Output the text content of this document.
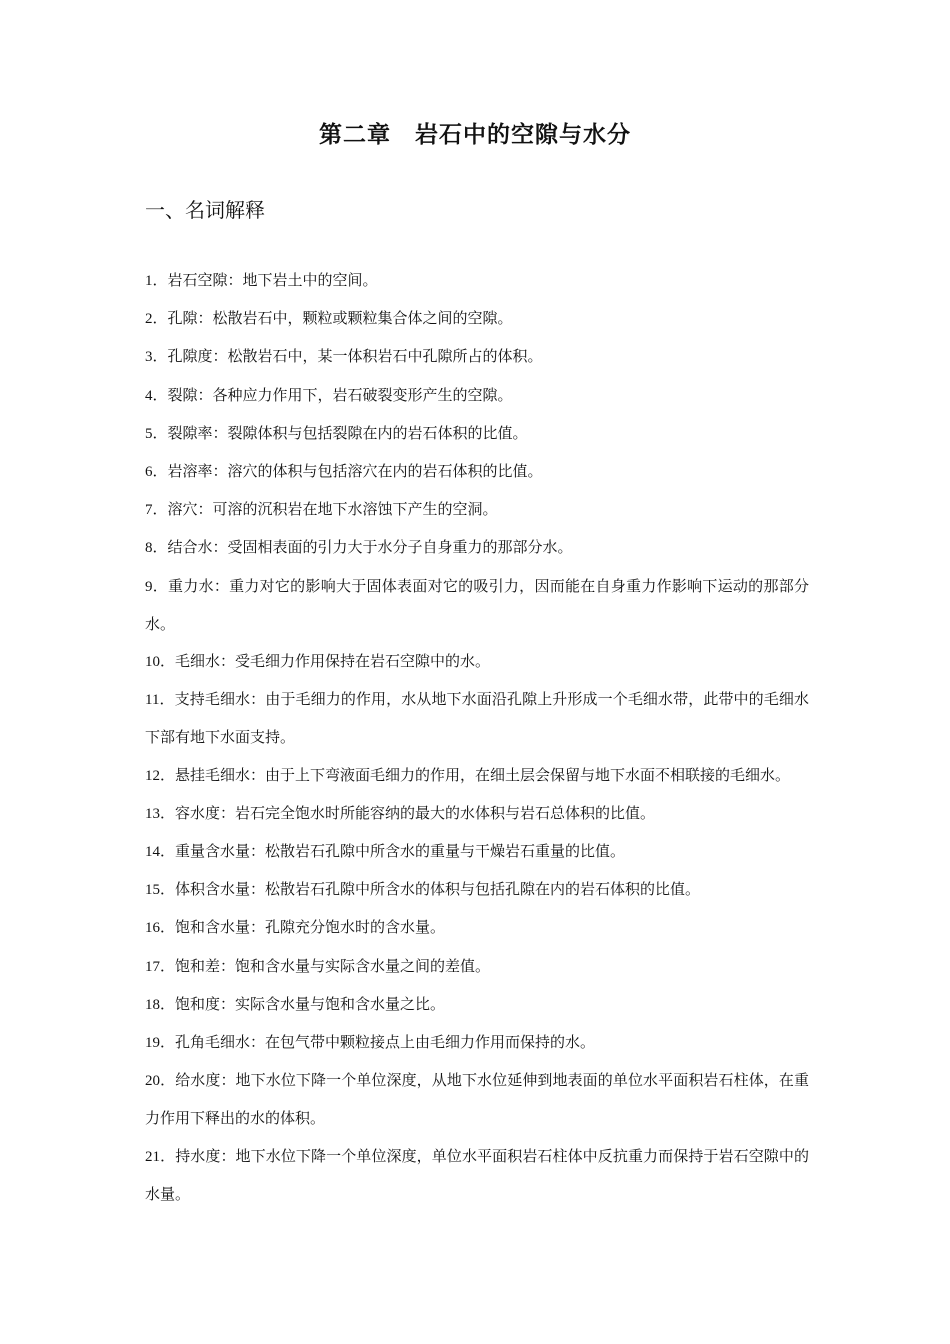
第二章　岩石中的空隙与水分
一、名词解释
1．岩石空隙：地下岩土中的空间。
2．孔隙：松散岩石中，颗粒或颗粒集合体之间的空隙。
3．孔隙度：松散岩石中，某一体积岩石中孔隙所占的体积。
4．裂隙：各种应力作用下，岩石破裂变形产生的空隙。
5．裂隙率：裂隙体积与包括裂隙在内的岩石体积的比值。
6．岩溶率：溶穴的体积与包括溶穴在内的岩石体积的比值。
7．溶穴：可溶的沉积岩在地下水溶蚀下产生的空洞。
8．结合水：受固相表面的引力大于水分子自身重力的那部分水。
9．重力水：重力对它的影响大于固体表面对它的吸引力，因而能在自身重力作影响下运动的那部分水。
10．毛细水：受毛细力作用保持在岩石空隙中的水。
11．支持毛细水：由于毛细力的作用，水从地下水面沿孔隙上升形成一个毛细水带，此带中的毛细水下部有地下水面支持。
12．悬挂毛细水：由于上下弯液面毛细力的作用，在细土层会保留与地下水面不相联接的毛细水。
13．容水度：岩石完全饱水时所能容纳的最大的水体积与岩石总体积的比值。
14．重量含水量：松散岩石孔隙中所含水的重量与干燥岩石重量的比值。
15．体积含水量：松散岩石孔隙中所含水的体积与包括孔隙在内的岩石体积的比值。
16．饱和含水量：孔隙充分饱水时的含水量。
17．饱和差：饱和含水量与实际含水量之间的差值。
18．饱和度：实际含水量与饱和含水量之比。
19．孔角毛细水：在包气带中颗粒接点上由毛细力作用而保持的水。
20．给水度：地下水位下降一个单位深度，从地下水位延伸到地表面的单位水平面积岩石柱体，在重力作用下释出的水的体积。
21．持水度：地下水位下降一个单位深度，单位水平面积岩石柱体中反抗重力而保持于岩石空隙中的水量。
